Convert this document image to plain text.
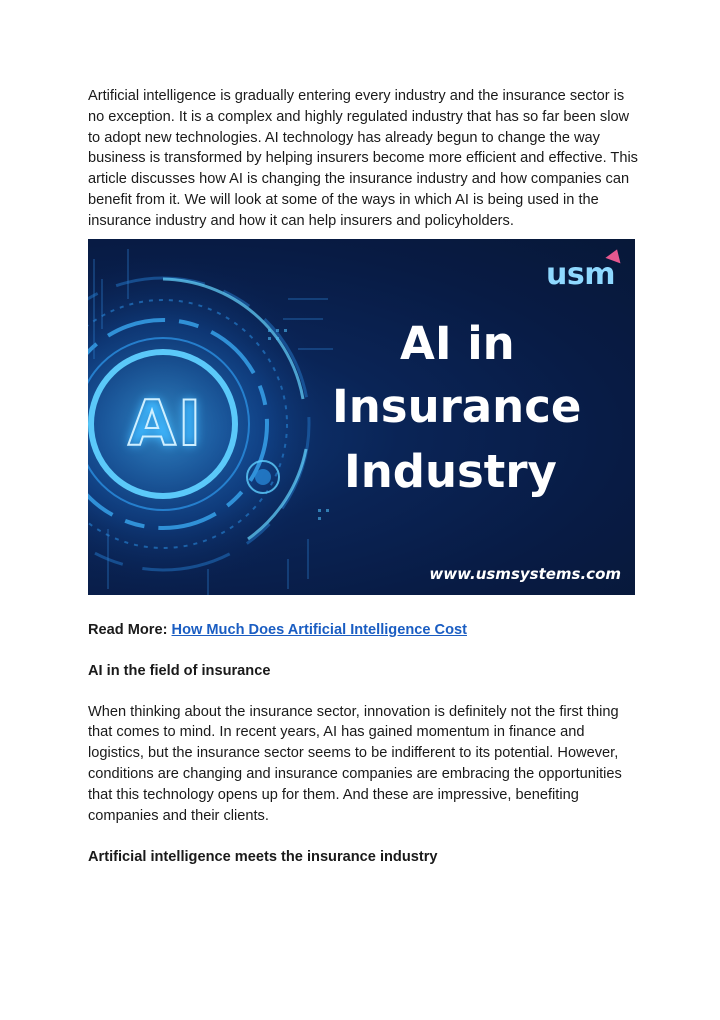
Artificial intelligence is gradually entering every industry and the insurance sector is no exception. It is a complex and highly regulated industry that has so far been slow to adopt new technologies. AI technology has already begun to change the way business is transformed by helping insurers become more efficient and effective. This article discusses how AI is changing the insurance industry and how companies can benefit from it. We will look at some of the ways in which AI is being used in the insurance industry and how it can help insurers and policyholders.

AI
usm
AI in
Insurance
Industry
www.usmsystems.com
Read More: How Much Does Artificial Intelligence Cost

AI in the field of insurance

When thinking about the insurance sector, innovation is definitely not the first thing that comes to mind. In recent years, AI has gained momentum in finance and logistics, but the insurance sector seems to be indifferent to its potential. However, conditions are changing and insurance companies are embracing the opportunities that this technology opens up for them. And these are impressive, benefiting companies and their clients.

Artificial intelligence meets the insurance industry
